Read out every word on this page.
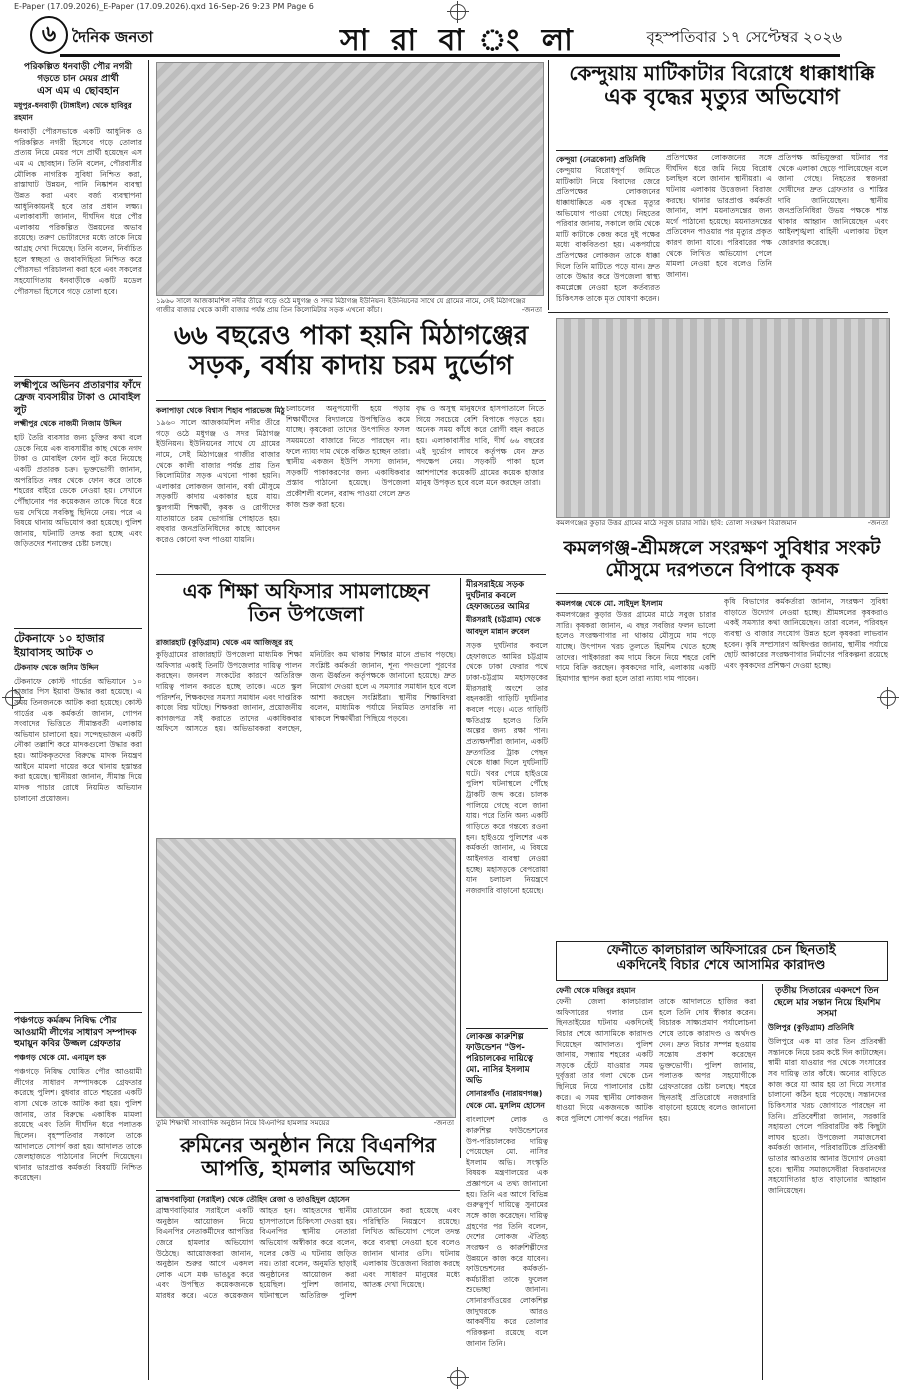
E-Paper (17.09.2026)_E-Paper (17.09.2026).qxd 16-Sep-26 9:23 PM Page 6
৬	দৈনিক জনতা	সা রা বা ং লা	বৃহস্পতিবার ১৭ সেপ্টেম্বর ২০২৬
পরিকল্পিত ধনবাড়ী পৌর নগরী গড়তে চান মেয়র প্রার্থী
এস এম এ ছোবহান
মধুপুর-ধনবাড়ী (টাঙ্গাইল) থেকে হাবিবুর রহমান
ধনবাড়ী পৌরসভাকে একটি আধুনিক ও পরিকল্পিত নগরী হিসেবে গড়ে তোলার প্রত্যয় নিয়ে মেয়র পদে প্রার্থী হয়েছেন এস এম এ ছোবহান। তিনি বলেন, পৌরবাসীর মৌলিক নাগরিক সুবিধা নিশ্চিত করা, রাস্তাঘাট উন্নয়ন, পানি নিষ্কাশন ব্যবস্থা উন্নত করা এবং বর্জ্য ব্যবস্থাপনা আধুনিকায়নই হবে তার প্রধান লক্ষ্য। এলাকাবাসী জানান, দীর্ঘদিন ধরে পৌর এলাকায় পরিকল্পিত উন্নয়নের অভাব রয়েছে। তরুণ ভোটারদের মধ্যে তাকে নিয়ে আগ্রহ দেখা দিয়েছে। তিনি বলেন, নির্বাচিত হলে স্বচ্ছতা ও জবাবদিহিতা নিশ্চিত করে পৌরসভা পরিচালনা করা হবে এবং সকলের সহযোগিতায় ধনবাড়ীকে একটি মডেল পৌরসভা হিসেবে গড়ে তোলা হবে।
লক্ষ্মীপুরে অভিনব প্রতারণার ফাঁদে ফ্রেজ ব্যবসায়ীর টাকা ও মোবাইল লুট
লক্ষ্মীপুর থেকে নাজমী নিজাম উদ্দিন
হাট তৈরি ব্যবসার জন্য চুক্তির কথা বলে ডেকে নিয়ে এক ব্যবসায়ীর কাছ থেকে নগদ টাকা ও মোবাইল ফোন লুট করে নিয়েছে একটি প্রতারক চক্র। ভুক্তভোগী জানান, অপরিচিত নম্বর থেকে ফোন করে তাকে শহরের বাইরে ডেকে নেওয়া হয়। সেখানে পৌঁছানোর পর কয়েকজন তাকে ঘিরে ধরে ভয় দেখিয়ে সবকিছু ছিনিয়ে নেয়। পরে এ বিষয়ে থানায় অভিযোগ করা হয়েছে। পুলিশ জানায়, ঘটনাটি তদন্ত করা হচ্ছে এবং জড়িতদের শনাক্তের চেষ্টা চলছে।
টেকনাফে ১০ হাজার ইয়াবাসহ আটক ৩
টেকনাফ থেকে জসিম উদ্দিন
টেকনাফে কোস্ট গার্ডের অভিযানে ১০ হাজার পিস ইয়াবা উদ্ধার করা হয়েছে। এ সময় তিনজনকে আটক করা হয়েছে। কোস্ট গার্ডের এক কর্মকর্তা জানান, গোপন সংবাদের ভিত্তিতে সীমান্তবর্তী এলাকায় অভিযান চালানো হয়। সন্দেহভাজন একটি নৌকা তল্লাশি করে মাদকগুলো উদ্ধার করা হয়। আটককৃতদের বিরুদ্ধে মাদক নিয়ন্ত্রণ আইনে মামলা দায়ের করে থানায় হস্তান্তর করা হয়েছে। স্থানীয়রা জানান, সীমান্ত দিয়ে মাদক পাচার রোধে নিয়মিত অভিযান চালানো প্রয়োজন।
পঞ্চগড়ে কর্মক্রম নিষিদ্ধ পৌর আওয়ামী লীগের সাধারণ সম্পাদক হুমায়ুন কবির উজ্জল গ্রেফতার
পঞ্চগড় থেকে মো. এনামুল হক
পঞ্চগড়ে নিষিদ্ধ ঘোষিত পৌর আওয়ামী লীগের সাধারণ সম্পাদককে গ্রেফতার করেছে পুলিশ। বুধবার রাতে শহরের একটি বাসা থেকে তাকে আটক করা হয়। পুলিশ জানায়, তার বিরুদ্ধে একাধিক মামলা রয়েছে এবং তিনি দীর্ঘদিন ধরে পলাতক ছিলেন। বৃহস্পতিবার সকালে তাকে আদালতে সোপর্দ করা হয়। আদালত তাকে জেলহাজতে পাঠানোর নির্দেশ দিয়েছেন। থানার ভারপ্রাপ্ত কর্মকর্তা বিষয়টি নিশ্চিত করেছেন।
১৯৬০ সালে আজকামশিল নদীর তীরে গড়ে ওঠে মধুগঞ্জ ও সদর মিঠাগঞ্জ ইউনিয়ন। ইউনিয়নের সাথে যে গ্রামের নামে, সেই মিঠাগঞ্জের গাজীর বাজার থেকে কালী বাজার পর্যন্ত প্রায় তিন কিলোমিটার সড়ক এখনো কাঁচা।	-জনতা
৬৬ বছরেও পাকা হয়নি মিঠাগঞ্জের
সড়ক, বর্ষায় কাদায় চরম দুর্ভোগ
কলাপাড়া থেকে বিশ্বাস শিহাব পারভেজ মিঠু
১৯৬০ সালে আজকামশিল নদীর তীরে গড়ে ওঠে মধুগঞ্জ ও সদর মিঠাগঞ্জ ইউনিয়ন। ইউনিয়নের সাথে যে গ্রামের নামে, সেই মিঠাগঞ্জের গাজীর বাজার থেকে কালী বাজার পর্যন্ত প্রায় তিন কিলোমিটার সড়ক এখনো পাকা হয়নি। এলাকার লোকজন জানান, বর্ষা মৌসুমে সড়কটি কাদায় একাকার হয়ে যায়। স্কুলগামী শিক্ষার্থী, কৃষক ও রোগীদের যাতায়াতে চরম ভোগান্তি পোহাতে হয়। বহুবার জনপ্রতিনিধিদের কাছে আবেদন করেও কোনো ফল পাওয়া যায়নি।
চলাচলের অনুপযোগী হয়ে পড়ায় শিক্ষার্থীদের বিদ্যালয়ে উপস্থিতিও কমে যাচ্ছে। কৃষকেরা তাদের উৎপাদিত ফসল সময়মতো বাজারে নিতে পারছেন না। ফলে ন্যায্য দাম থেকে বঞ্চিত হচ্ছেন তারা। স্থানীয় একজন ইউপি সদস্য জানান, সড়কটি পাকাকরণের জন্য একাধিকবার প্রস্তাব পাঠানো হয়েছে। উপজেলা প্রকৌশলী বলেন, বরাদ্দ পাওয়া গেলে দ্রুত কাজ শুরু করা হবে।
বৃদ্ধ ও অসুস্থ মানুষদের হাসপাতালে নিতে গিয়ে সবচেয়ে বেশি বিপাকে পড়তে হয়। অনেক সময় কাঁধে করে রোগী বহন করতে হয়। এলাকাবাসীর দাবি, দীর্ঘ ৬৬ বছরের এই দুর্ভোগ লাঘবে কর্তৃপক্ষ যেন দ্রুত পদক্ষেপ নেয়। সড়কটি পাকা হলে আশপাশের কয়েকটি গ্রামের কয়েক হাজার মানুষ উপকৃত হবে বলে মনে করছেন তারা।
কেন্দুয়ায় মাটিকাটার বিরোধে ধাক্কাধাক্কি
এক বৃদ্ধের মৃত্যুর অভিযোগ
কেন্দুয়া (নেত্রকোনা) প্রতিনিধি
কেন্দুয়ায় বিরোধপূর্ণ জমিতে মাটিকাটা নিয়ে বিবাদের জেরে প্রতিপক্ষের লোকজনের ধাক্কাধাক্কিতে এক বৃদ্ধের মৃত্যুর অভিযোগ পাওয়া গেছে। নিহতের পরিবার জানায়, সকালে জমি থেকে মাটি কাটাকে কেন্দ্র করে দুই পক্ষের মধ্যে বাকবিতণ্ডা হয়। একপর্যায়ে প্রতিপক্ষের লোকজন তাকে ধাক্কা দিলে তিনি মাটিতে পড়ে যান। দ্রুত তাকে উদ্ধার করে উপজেলা স্বাস্থ্য কমপ্লেক্সে নেওয়া হলে কর্তব্যরত চিকিৎসক তাকে মৃত ঘোষণা করেন।
প্রতিপক্ষের লোকজনের সঙ্গে দীর্ঘদিন ধরে জমি নিয়ে বিরোধ চলছিল বলে জানান স্থানীয়রা। এ ঘটনায় এলাকায় উত্তেজনা বিরাজ করছে। থানার ভারপ্রাপ্ত কর্মকর্তা জানান, লাশ ময়নাতদন্তের জন্য মর্গে পাঠানো হয়েছে। ময়নাতদন্তের প্রতিবেদন পাওয়ার পর মৃত্যুর প্রকৃত কারণ জানা যাবে। পরিবারের পক্ষ থেকে লিখিত অভিযোগ পেলে মামলা নেওয়া হবে বলেও তিনি জানান।
প্রতিপক্ষ অভিযুক্তরা ঘটনার পর থেকে এলাকা ছেড়ে পালিয়েছেন বলে জানা গেছে। নিহতের স্বজনরা দোষীদের দ্রুত গ্রেফতার ও শাস্তির দাবি জানিয়েছেন। স্থানীয় জনপ্রতিনিধিরা উভয় পক্ষকে শান্ত থাকার আহ্বান জানিয়েছেন এবং আইনশৃঙ্খলা বাহিনী এলাকায় টহল জোরদার করেছে।
কমলগঞ্জের কুড়ার উত্তর গ্রামের মাঠে সবুজ চারার সারি। ছবি: তোলা সংরক্ষণ বিরাজমান	-জনতা
কমলগঞ্জ-শ্রীমঙ্গলে সংরক্ষণ সুবিধার সংকট
মৌসুমে দরপতনে বিপাকে কৃষক
কমলগঞ্জ থেকে মো. সাইদুল ইসলাম
কমলগঞ্জের কুড়ার উত্তর গ্রামের মাঠে সবুজ চারার সারি। কৃষকরা জানান, এ বছর সবজির ফলন ভালো হলেও সংরক্ষণাগার না থাকায় মৌসুমে দাম পড়ে যাচ্ছে। উৎপাদন খরচ তুলতে হিমশিম খেতে হচ্ছে তাদের। পাইকাররা কম দামে কিনে নিয়ে শহরে বেশি দামে বিক্রি করছেন। কৃষকদের দাবি, এলাকায় একটি হিমাগার স্থাপন করা হলে তারা ন্যায্য দাম পাবেন।
কৃষি বিভাগের কর্মকর্তারা জানান, সংরক্ষণ সুবিধা বাড়াতে উদ্যোগ নেওয়া হচ্ছে। শ্রীমঙ্গলের কৃষকরাও একই সমস্যার কথা জানিয়েছেন। তারা বলেন, পরিবহন ব্যবস্থা ও বাজার সংযোগ উন্নত হলে কৃষকরা লাভবান হবেন। কৃষি সম্প্রসারণ অধিদপ্তর জানায়, স্থানীয় পর্যায়ে ছোট আকারের সংরক্ষণাগার নির্মাণের পরিকল্পনা রয়েছে এবং কৃষকদের প্রশিক্ষণ দেওয়া হচ্ছে।
এক শিক্ষা অফিসার সামলাচ্ছেন
তিন উপজেলা
রাজারহাট (কুড়িগ্রাম) থেকে এম আজিজুর রহ
কুড়িগ্রামের রাজারহাট উপজেলা মাধ্যমিক শিক্ষা অফিসার একাই তিনটি উপজেলার দায়িত্ব পালন করছেন। জনবল সংকটের কারণে অতিরিক্ত দায়িত্ব পালন করতে হচ্ছে তাকে। এতে স্কুল পরিদর্শন, শিক্ষকদের সমস্যা সমাধান এবং দাপ্তরিক কাজে বিঘ্ন ঘটছে। শিক্ষকরা জানান, প্রয়োজনীয় কাগজপত্র সই করাতে তাদের একাধিকবার অফিসে আসতে হয়। অভিভাবকরা বলছেন, মনিটরিং কম থাকায় শিক্ষার মানে প্রভাব পড়ছে। সংশ্লিষ্ট কর্মকর্তা জানান, শূন্য পদগুলো পূরণের জন্য ঊর্ধ্বতন কর্তৃপক্ষকে জানানো হয়েছে। দ্রুত নিয়োগ দেওয়া হলে এ সমস্যার সমাধান হবে বলে আশা করছেন সংশ্লিষ্টরা। স্থানীয় শিক্ষাবিদরা বলেন, মাধ্যমিক পর্যায়ে নিয়মিত তদারকি না থাকলে শিক্ষার্থীরা পিছিয়ে পড়বে।
মীরসরাইয়ে সড়ক দুর্ঘটনার কবলে হেফাজতের আমির
মীরসরাই (চট্টগ্রাম) থেকে আবদুল মান্নান রুবেল
সড়ক দুর্ঘটনার কবলে হেফাজতে আমির চট্টগ্রাম থেকে ঢাকা ফেরার পথে ঢাকা-চট্টগ্রাম মহাসড়কের মীরসরাই অংশে তার বহনকারী গাড়িটি দুর্ঘটনার কবলে পড়ে। এতে গাড়িটি ক্ষতিগ্রস্ত হলেও তিনি অল্পের জন্য রক্ষা পান। প্রত্যক্ষদর্শীরা জানান, একটি দ্রুতগতির ট্রাক পেছন থেকে ধাক্কা দিলে দুর্ঘটনাটি ঘটে। খবর পেয়ে হাইওয়ে পুলিশ ঘটনাস্থলে পৌঁছে ট্রাকটি জব্দ করে। চালক পালিয়ে গেছে বলে জানা যায়। পরে তিনি অন্য একটি গাড়িতে করে গন্তব্যে রওনা হন। হাইওয়ে পুলিশের এক কর্মকর্তা জানান, এ বিষয়ে আইনগত ব্যবস্থা নেওয়া হচ্ছে। মহাসড়কে বেপরোয়া যান চলাচল নিয়ন্ত্রণে নজরদারি বাড়ানো হয়েছে।
লোকজ্ঞ কারুশিল্প ফাউন্ডেশন "উপ-পরিচালকের দায়িত্বে মো. নাসির ইসলাম অভি
সোনারগাঁও (নারায়ণগঞ্জ) থেকে মো. মুসলিম হোসেন
বাংলাদেশ লোক ও কারুশিল্প ফাউন্ডেশনের উপ-পরিচালকের দায়িত্ব পেয়েছেন মো. নাসির ইসলাম অভি। সংস্কৃতি বিষয়ক মন্ত্রণালয়ের এক প্রজ্ঞাপনে এ তথ্য জানানো হয়। তিনি এর আগে বিভিন্ন গুরুত্বপূর্ণ দায়িত্বে সুনামের সঙ্গে কাজ করেছেন। দায়িত্ব গ্রহণের পর তিনি বলেন, দেশের লোকজ ঐতিহ্য সংরক্ষণ ও কারুশিল্পীদের উন্নয়নে কাজ করে যাবেন। ফাউন্ডেশনের কর্মকর্তা-কর্মচারীরা তাকে ফুলেল শুভেচ্ছা জানান। সোনারগাঁওয়ের লোকশিল্প জাদুঘরকে আরও আকর্ষণীয় করে তোলার পরিকল্পনা রয়েছে বলে জানান তিনি।
তুমি শিক্ষার্থী সাংবাদিক অনুষ্ঠান নিয়ে বিএনপির হামলার সময়ের	-জনতা
রুমিনের অনুষ্ঠান নিয়ে বিএনপির
আপত্তি, হামলার অভিযোগ
ব্রাহ্মণবাড়িয়া (সরাইল) থেকে তৌহিদ রেজা ও তাওহিদুল হোসেন
ব্রাহ্মণবাড়িয়ার সরাইলে একটি অনুষ্ঠান আয়োজন নিয়ে বিএনপির নেতাকর্মীদের আপত্তির জেরে হামলার অভিযোগ উঠেছে। আয়োজকরা জানান, অনুষ্ঠান শুরুর আগে একদল লোক এসে মঞ্চ ভাঙচুর করে এবং উপস্থিত কয়েকজনকে মারধর করে। এতে কয়েকজন আহত হন। আহতদের স্থানীয় হাসপাতালে চিকিৎসা দেওয়া হয়। বিএনপির স্থানীয় নেতারা অভিযোগ অস্বীকার করে বলেন, দলের কেউ এ ঘটনায় জড়িত নয়। তারা বলেন, অনুমতি ছাড়াই অনুষ্ঠানের আয়োজন করা হয়েছিল। পুলিশ জানায়, ঘটনাস্থলে অতিরিক্ত পুলিশ মোতায়েন করা হয়েছে এবং পরিস্থিতি নিয়ন্ত্রণে রয়েছে। লিখিত অভিযোগ পেলে তদন্ত করে ব্যবস্থা নেওয়া হবে বলেও জানান থানার ওসি। ঘটনায় এলাকায় উত্তেজনা বিরাজ করছে এবং সাধারণ মানুষের মধ্যে আতঙ্ক দেখা দিয়েছে।
ফেনীতে কালচারাল অফিসারের চেন ছিনতাই
একদিনেই বিচার শেষে আসামির কারাদণ্ড
ফেনী থেকে মজিবুর রহমান
ফেনী জেলা কালচারাল অফিসারের গলার চেন ছিনতাইয়ের ঘটনায় একদিনেই বিচার শেষে আসামিকে কারাদণ্ড দিয়েছেন আদালত। পুলিশ জানায়, সন্ধ্যায় শহরের একটি সড়কে হেঁটে যাওয়ার সময় দুর্বৃত্তরা তার গলা থেকে চেন ছিনিয়ে নিয়ে পালানোর চেষ্টা করে। এ সময় স্থানীয় লোকজন ধাওয়া দিয়ে একজনকে আটক করে পুলিশে সোপর্দ করে। পরদিন তাকে আদালতে হাজির করা হলে তিনি দোষ স্বীকার করেন। বিচারক সাক্ষ্যপ্রমাণ পর্যালোচনা শেষে তাকে কারাদণ্ড ও অর্থদণ্ড দেন। দ্রুত বিচার সম্পন্ন হওয়ায় সন্তোষ প্রকাশ করেছেন ভুক্তভোগী। পুলিশ জানায়, পলাতক অপর সহযোগীকে গ্রেফতারের চেষ্টা চলছে। শহরে ছিনতাই প্রতিরোধে নজরদারি বাড়ানো হয়েছে বলেও জানানো হয়।
তৃতীয় সিতারের একদশে তিন ছেলে মার সন্তান নিয়ে হিমশিম সসমা
উলিপুর (কুড়িগ্রাম) প্রতিনিধি
উলিপুরে এক মা তার তিন প্রতিবন্ধী সন্তানকে নিয়ে চরম কষ্টে দিন কাটাচ্ছেন। স্বামী মারা যাওয়ার পর থেকে সংসারের সব দায়িত্ব তার কাঁধে। অন্যের বাড়িতে কাজ করে যা আয় হয় তা দিয়ে সংসার চালানো কঠিন হয়ে পড়েছে। সন্তানদের চিকিৎসার খরচ জোগাতে পারছেন না তিনি। প্রতিবেশীরা জানান, সরকারি সহায়তা পেলে পরিবারটির কষ্ট কিছুটা লাঘব হতো। উপজেলা সমাজসেবা কর্মকর্তা জানান, পরিবারটিকে প্রতিবন্ধী ভাতার আওতায় আনার উদ্যোগ নেওয়া হবে। স্থানীয় সমাজসেবীরা বিত্তবানদের সহযোগিতার হাত বাড়ানোর আহ্বান জানিয়েছেন।
